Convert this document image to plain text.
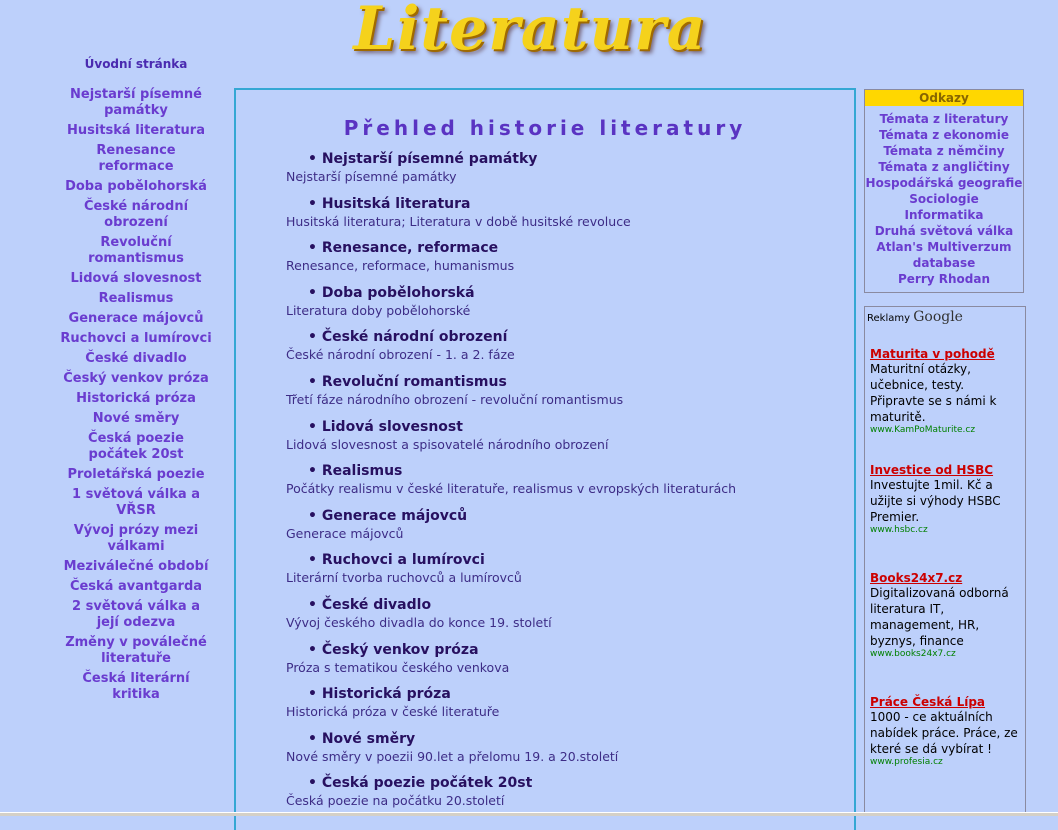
Literatura
Úvodní stránka
Nejstarší písemné památky
Husitská literatura
Renesance reformace
Doba pobělohorská
České národní obrození
Revoluční romantismus
Lidová slovesnost
Realismus
Generace májovců
Ruchovci a lumírovci
České divadlo
Český venkov próza
Historická próza
Nové směry
Česká poezie počátek 20st
Proletářská poezie
1 světová válka a VŘSR
Vývoj prózy mezi válkami
Meziválečné období
Česká avantgarda
2 světová válka a její odezva
Změny v poválečné literatuře
Česká literární kritika
Přehled historie literatury
• Nejstarší písemné památky
Nejstarší písemné památky
• Husitská literatura
Husitská literatura; Literatura v době husitské revoluce
• Renesance, reformace
Renesance, reformace, humanismus
• Doba pobělohorská
Literatura doby pobělohorské
• České národní obrození
České národní obrození - 1. a 2. fáze
• Revoluční romantismus
Třetí fáze národního obrození - revoluční romantismus
• Lidová slovesnost
Lidová slovesnost a spisovatelé národního obrození
• Realismus
Počátky realismu v české literatuře, realismus v evropských literaturách
• Generace májovců
Generace májovců
• Ruchovci a lumírovci
Literární tvorba ruchovců a lumírovců
• České divadlo
Vývoj českého divadla do konce 19. století
• Český venkov próza
Próza s tematikou českého venkova
• Historická próza
Historická próza v české literatuře
• Nové směry
Nové směry v poezii 90.let a přelomu 19. a 20.století
• Česká poezie počátek 20st
Česká poezie na počátku 20.století
Odkazy
Témata z literatury
Témata z ekonomie
Témata z němčiny
Témata z angličtiny
Hospodářská geografie
Sociologie
Informatika
Druhá světová válka
Atlan's Multiverzum database
Perry Rhodan
Reklamy Google
Maturita v pohodě
Maturitní otázky, učebnice, testy. Připravte se s námi k maturitě.
www.KamPoMaturite.cz
Investice od HSBC
Investujte 1mil. Kč a užijte si výhody HSBC Premier.
www.hsbc.cz
Books24x7.cz
Digitalizovaná odborná literatura IT, management, HR, byznys, finance
www.books24x7.cz
Práce Česká Lípa
1000 - ce aktuálních nabídek práce. Práce, ze které se dá vybírat !
www.profesia.cz
